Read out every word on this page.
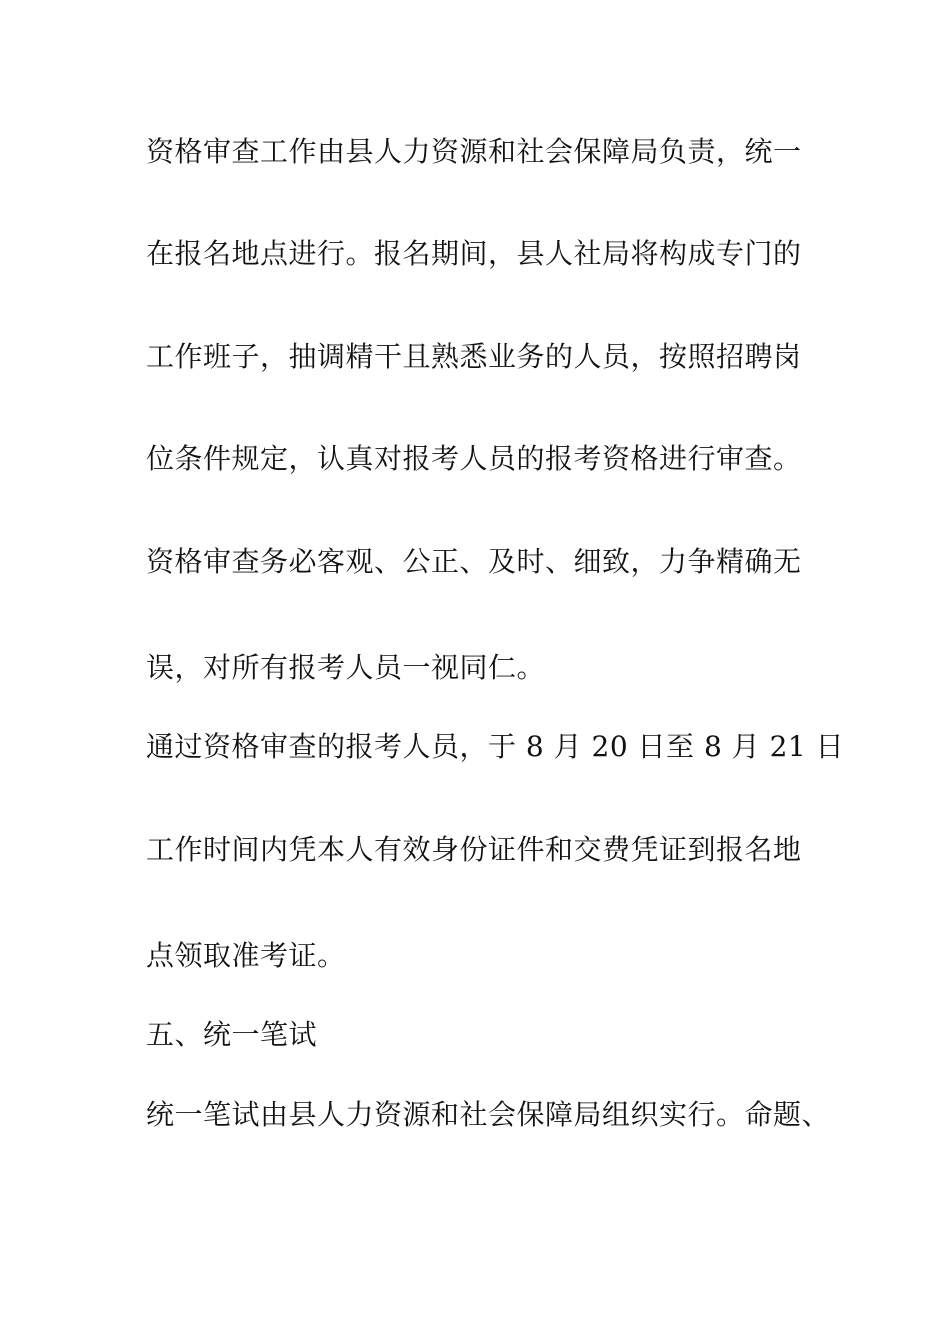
资格审查工作由县人力资源和社会保障局负责，统一
在报名地点进行。报名期间，县人社局将构成专门的
工作班子，抽调精干且熟悉业务的人员，按照招聘岗
位条件规定，认真对报考人员的报考资格进行审查。
资格审查务必客观、公正、及时、细致，力争精确无
误，对所有报考人员一视同仁。
通过资格审查的报考人员，于 8 月 20 日至 8 月 21 日
工作时间内凭本人有效身份证件和交费凭证到报名地
点领取准考证。
五、统一笔试
统一笔试由县人力资源和社会保障局组织实行。命题、
